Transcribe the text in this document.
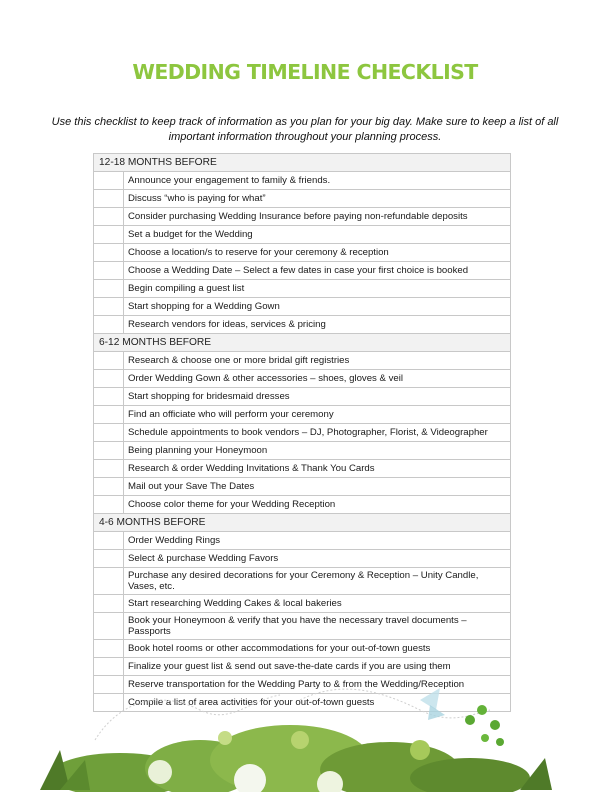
WEDDING TIMELINE CHECKLIST
Use this checklist to keep track of information as you plan for your big day. Make sure to keep a list of all important information throughout your planning process.
12-18 MONTHS BEFORE	
	Announce your engagement to family & friends.
	Discuss “who is paying for what”
	Consider purchasing Wedding Insurance before paying non-refundable deposits
	Set a budget for the Wedding
	Choose a location/s to reserve for your ceremony & reception
	Choose a Wedding Date – Select a few dates in case your first choice is booked
	Begin compiling a guest list
	Start shopping for a Wedding Gown
	Research vendors for ideas, services & pricing
6-12 MONTHS BEFORE	
	Research & choose one or more bridal gift registries
	Order Wedding Gown & other accessories – shoes, gloves & veil
	Start shopping for bridesmaid dresses
	Find an officiate who will perform your ceremony
	Schedule appointments to book vendors – DJ, Photographer, Florist, & Videographer
	Being planning your Honeymoon
	Research & order Wedding Invitations & Thank You Cards
	Mail out your Save The Dates
	Choose color theme for your Wedding Reception
4-6 MONTHS BEFORE	
	Order Wedding Rings
	Select & purchase Wedding Favors
	Purchase any desired decorations for your Ceremony & Reception – Unity Candle, Vases, etc.
	Start researching Wedding Cakes & local bakeries
	Book your Honeymoon & verify that you have the necessary travel documents – Passports
	Book hotel rooms or other accommodations for your out-of-town guests
	Finalize your guest list & send out save-the-date cards if you are using them
	Reserve transportation for the Wedding Party to & from the Wedding/Reception
	Compile a list of area activities for your out-of-town guests
